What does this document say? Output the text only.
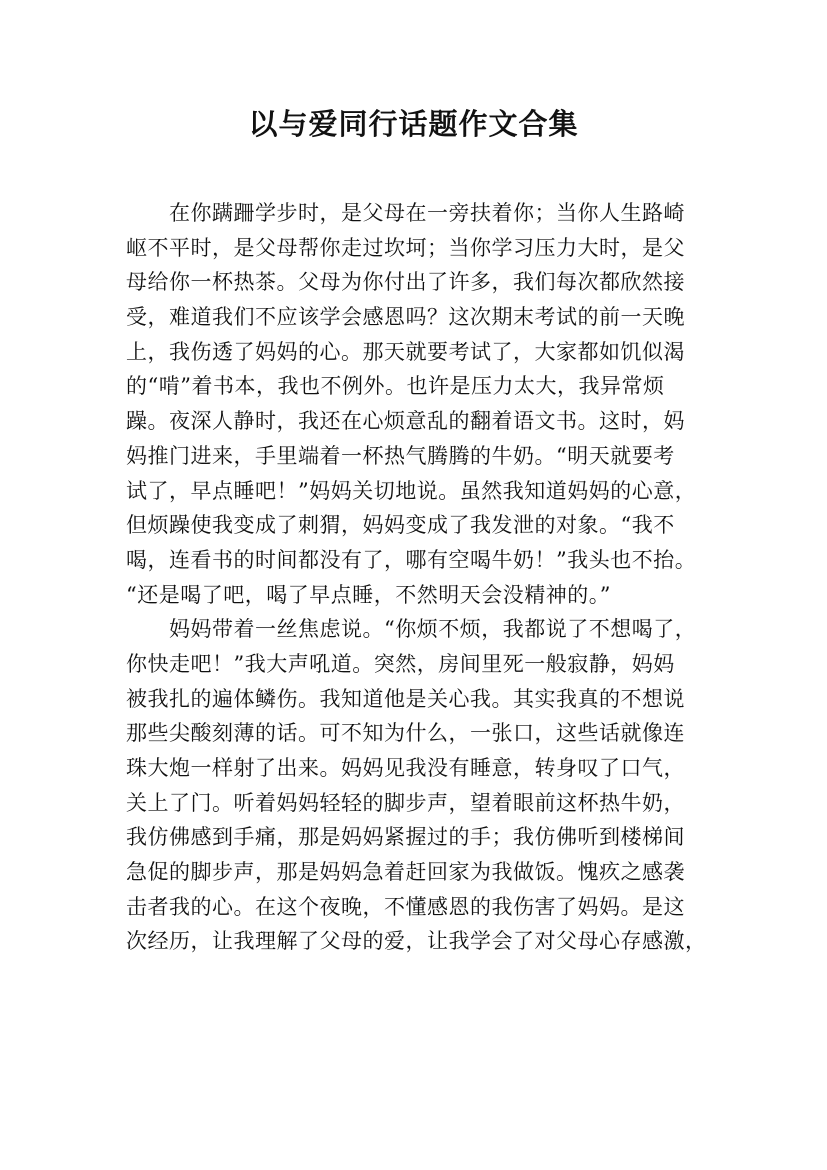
以与爱同行话题作文合集
在你蹒跚学步时，是父母在一旁扶着你；当你人生路崎
岖不平时，是父母帮你走过坎坷；当你学习压力大时，是父
母给你一杯热茶。父母为你付出了许多，我们每次都欣然接
受，难道我们不应该学会感恩吗？这次期末考试的前一天晚
上，我伤透了妈妈的心。那天就要考试了，大家都如饥似渴
的“啃”着书本，我也不例外。也许是压力太大，我异常烦
躁。夜深人静时，我还在心烦意乱的翻着语文书。这时，妈
妈推门进来，手里端着一杯热气腾腾的牛奶。“明天就要考
试了，早点睡吧！”妈妈关切地说。虽然我知道妈妈的心意，
但烦躁使我变成了刺猬，妈妈变成了我发泄的对象。“我不
喝，连看书的时间都没有了，哪有空喝牛奶！”我头也不抬。
“还是喝了吧，喝了早点睡，不然明天会没精神的。”
妈妈带着一丝焦虑说。“你烦不烦，我都说了不想喝了，
你快走吧！”我大声吼道。突然，房间里死一般寂静，妈妈
被我扎的遍体鳞伤。我知道他是关心我。其实我真的不想说
那些尖酸刻薄的话。可不知为什么，一张口，这些话就像连
珠大炮一样射了出来。妈妈见我没有睡意，转身叹了口气，
关上了门。听着妈妈轻轻的脚步声，望着眼前这杯热牛奶，
我仿佛感到手痛，那是妈妈紧握过的手；我仿佛听到楼梯间
急促的脚步声，那是妈妈急着赶回家为我做饭。愧疚之感袭
击者我的心。在这个夜晚，不懂感恩的我伤害了妈妈。是这
次经历，让我理解了父母的爱，让我学会了对父母心存感激，
